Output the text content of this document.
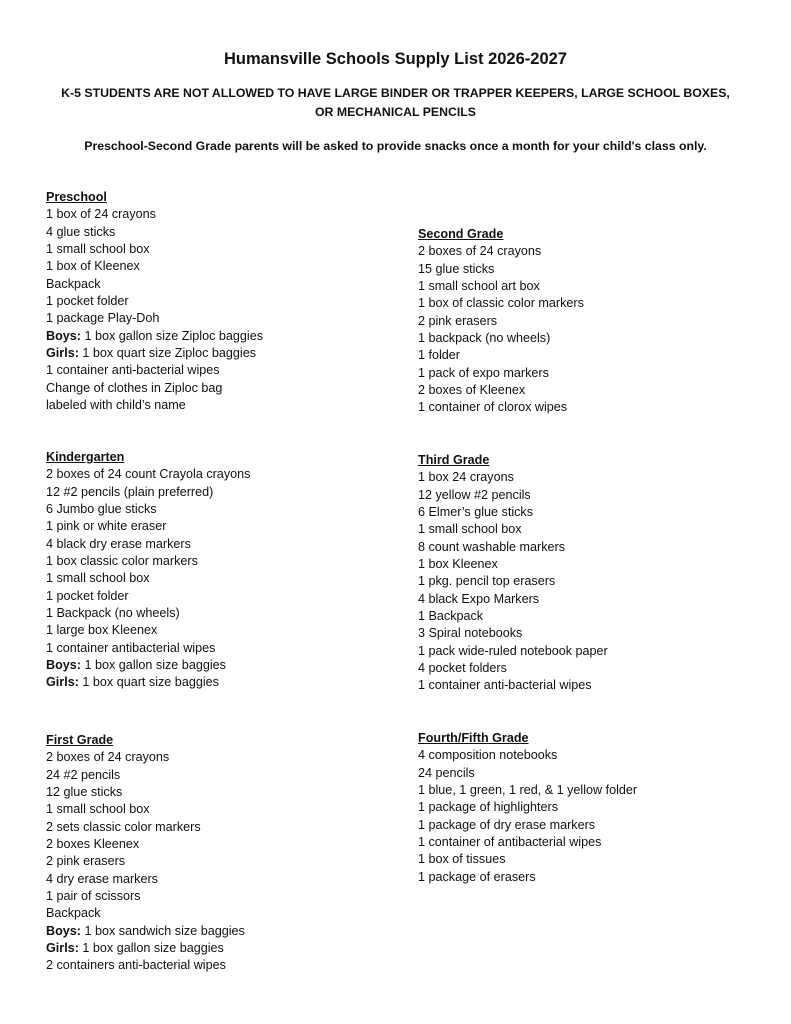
Humansville Schools Supply List 2026-2027
K-5 STUDENTS ARE NOT ALLOWED TO HAVE LARGE BINDER OR TRAPPER KEEPERS, LARGE SCHOOL BOXES, OR MECHANICAL PENCILS
Preschool-Second Grade parents will be asked to provide snacks once a month for your child's class only.
Preschool
1 box of 24 crayons
4 glue sticks
1 small school box
1 box of Kleenex
Backpack
1 pocket folder
1 package Play-Doh
Boys: 1 box gallon size Ziploc baggies
Girls: 1 box quart size Ziploc baggies
1 container anti-bacterial wipes
Change of clothes in Ziploc bag
labeled with child’s name
Kindergarten
2 boxes of 24 count Crayola crayons
12 #2 pencils (plain preferred)
6 Jumbo glue sticks
1 pink or white eraser
4 black dry erase markers
1 box classic color markers
1 small school box
1 pocket folder
1 Backpack (no wheels)
1 large box Kleenex
1 container antibacterial wipes
Boys: 1 box gallon size baggies
Girls: 1 box quart size baggies
First Grade
2 boxes of 24 crayons
24 #2 pencils
12 glue sticks
1 small school box
2 sets classic color markers
2 boxes Kleenex
2 pink erasers
4 dry erase markers
1 pair of scissors
Backpack
Boys: 1 box sandwich size baggies
Girls: 1 box gallon size baggies
2 containers anti-bacterial wipes
Second Grade
2 boxes of 24 crayons
15 glue sticks
1 small school art box
1 box of classic color markers
2 pink erasers
1 backpack (no wheels)
1 folder
1 pack of expo markers
2 boxes of Kleenex
1 container of clorox wipes
Third Grade
1 box 24 crayons
12 yellow #2 pencils
6 Elmer’s glue sticks
1 small school box
8 count washable markers
1 box Kleenex
1 pkg. pencil top erasers
4 black Expo Markers
1 Backpack
3 Spiral notebooks
1 pack wide-ruled notebook paper
4 pocket folders
1 container anti-bacterial wipes
Fourth/Fifth Grade
4 composition notebooks
24 pencils
1 blue, 1 green, 1 red, & 1 yellow folder
1 package of highlighters
1 package of dry erase markers
1 container of antibacterial wipes
1 box of tissues
1 package of erasers
